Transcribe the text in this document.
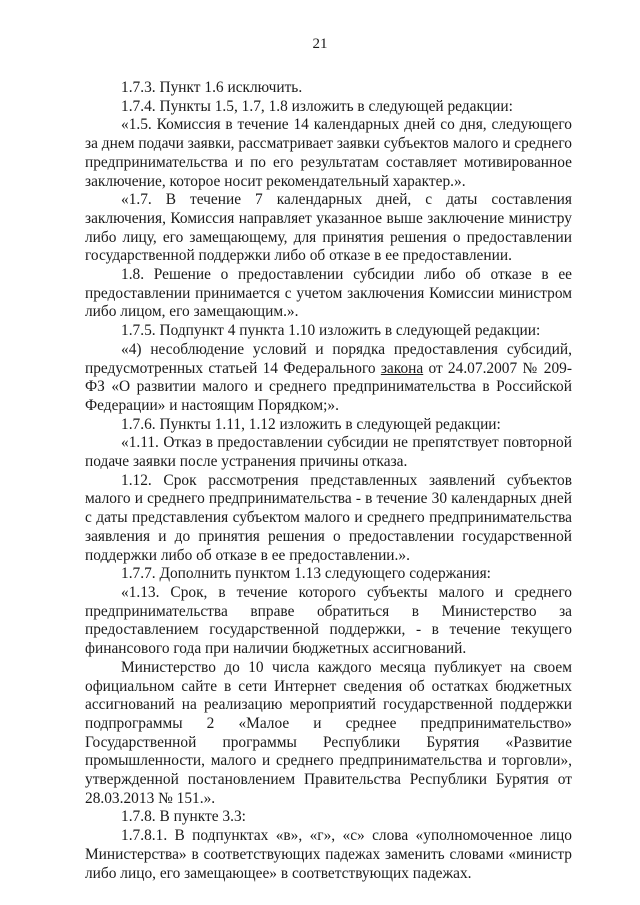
21

1.7.3. Пункт 1.6 исключить.

1.7.4. Пункты 1.5, 1.7, 1.8 изложить в следующей редакции:

«1.5. Комиссия в течение 14 календарных дней со дня, следующего за днем подачи заявки, рассматривает заявки субъектов малого и среднего предпринимательства и по его результатам составляет мотивированное заключение, которое носит рекомендательный характер.».

«1.7. В течение 7 календарных дней, с даты составления заключения, Комиссия направляет указанное выше заключение министру либо лицу, его замещающему, для принятия решения о предоставлении государственной поддержки либо об отказе в ее предоставлении.

1.8. Решение о предоставлении субсидии либо об отказе в ее предоставлении принимается с учетом заключения Комиссии министром либо лицом, его замещающим.».

1.7.5. Подпункт 4 пункта 1.10 изложить в следующей редакции:

«4) несоблюдение условий и порядка предоставления субсидий, предусмотренных статьей 14 Федерального закона от 24.07.2007 № 209-ФЗ «О развитии малого и среднего предпринимательства в Российской Федерации» и настоящим Порядком;».

1.7.6. Пункты 1.11, 1.12 изложить в следующей редакции:

«1.11. Отказ в предоставлении субсидии не препятствует повторной подаче заявки после устранения причины отказа.

1.12. Срок рассмотрения представленных заявлений субъектов малого и среднего предпринимательства - в течение 30 календарных дней с даты представления субъектом малого и среднего предпринимательства заявления и до принятия решения о предоставлении государственной поддержки либо об отказе в ее предоставлении.».

1.7.7. Дополнить пунктом 1.13 следующего содержания:

«1.13. Срок, в течение которого субъекты малого и среднего предпринимательства вправе обратиться в Министерство за предоставлением государственной поддержки, - в течение текущего финансового года при наличии бюджетных ассигнований.

Министерство до 10 числа каждого месяца публикует на своем официальном сайте в сети Интернет сведения об остатках бюджетных ассигнований на реализацию мероприятий государственной поддержки подпрограммы 2 «Малое и среднее предпринимательство» Государственной программы Республики Бурятия «Развитие промышленности, малого и среднего предпринимательства и торговли», утвержденной постановлением Правительства Республики Бурятия от 28.03.2013 № 151.».

1.7.8. В пункте 3.3:

1.7.8.1. В подпунктах «в», «г», «с» слова «уполномоченное лицо Министерства» в соответствующих падежах заменить словами «министр либо лицо, его замещающее» в соответствующих падежах.
